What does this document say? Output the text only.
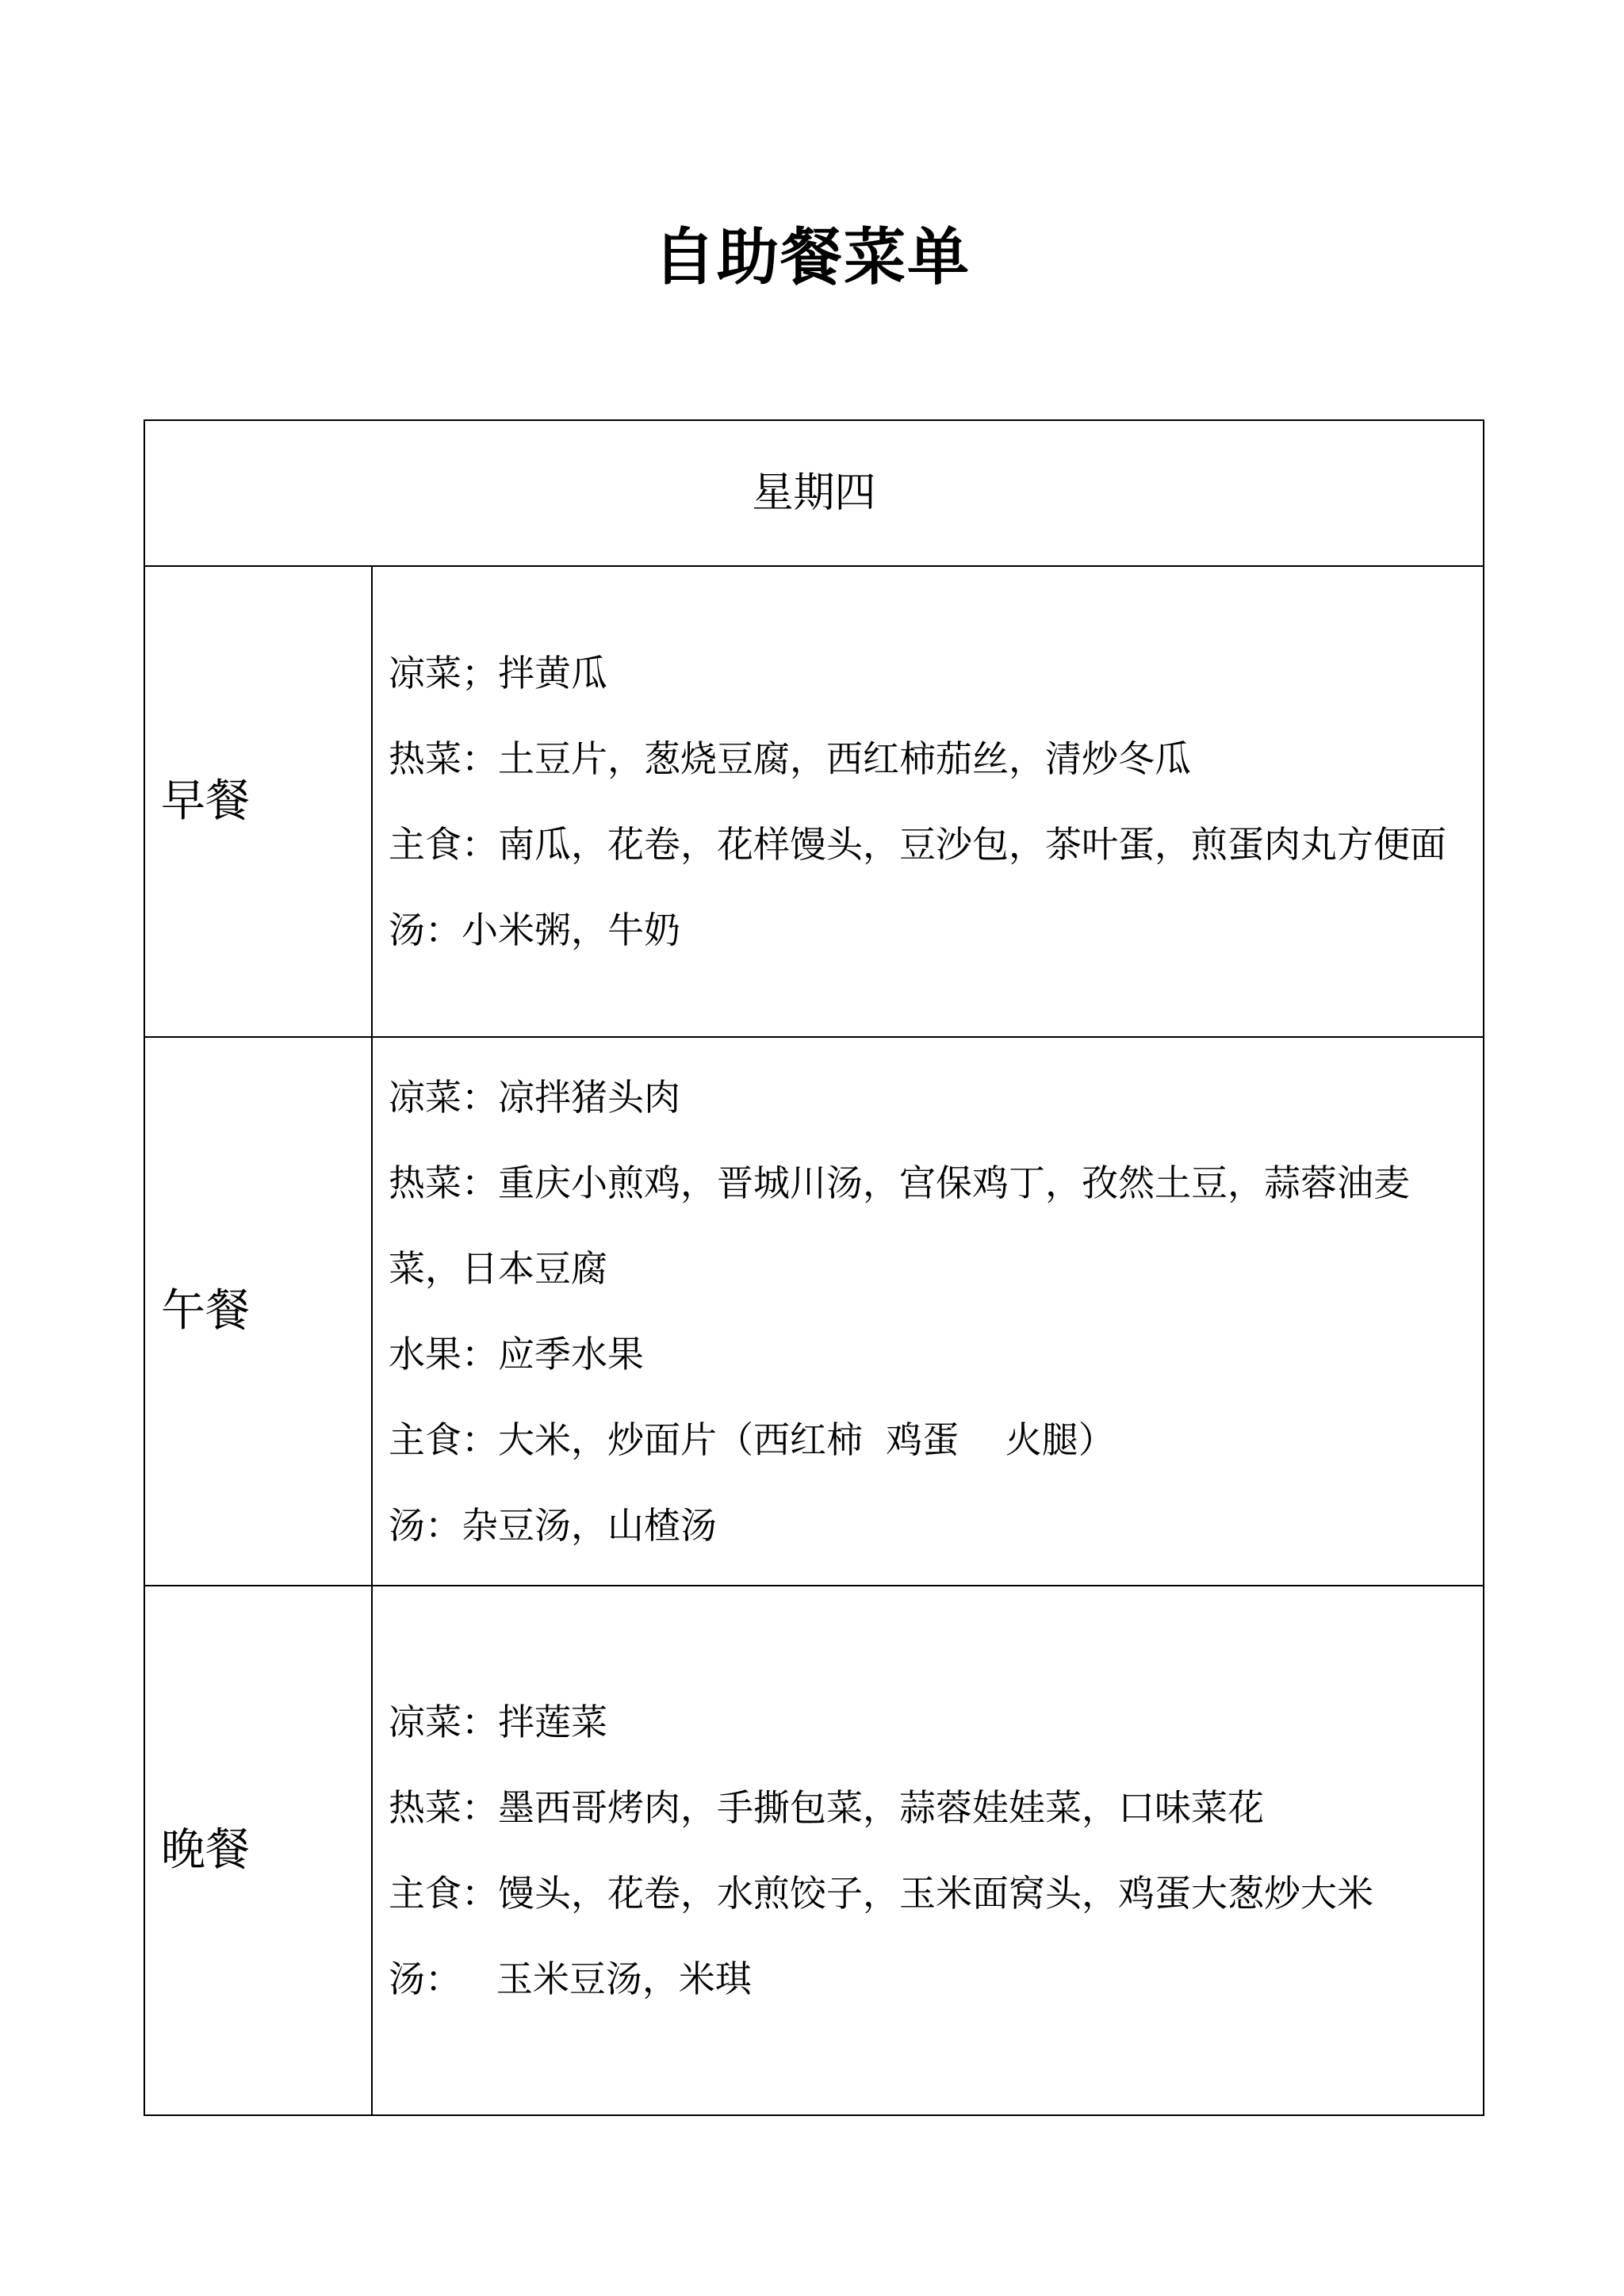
自助餐菜单
星期四	
早餐	凉菜；拌黄瓜
热菜：土豆片，葱烧豆腐，西红柿茄丝，清炒冬瓜
主食：南瓜，花卷，花样馒头，豆沙包，茶叶蛋，煎蛋肉丸方便面
汤：小米粥，牛奶

午餐	凉菜：凉拌猪头肉
热菜：重庆小煎鸡，晋城川汤，宫保鸡丁，孜然土豆，蒜蓉油麦菜，日本豆腐
水果：应季水果
主食：大米，炒面片（西红柿  鸡蛋    火腿）
汤：杂豆汤，山楂汤

晚餐	凉菜：拌莲菜
热菜：墨西哥烤肉，手撕包菜，蒜蓉娃娃菜，口味菜花
主食：馒头，花卷，水煎饺子，玉米面窝头，鸡蛋大葱炒大米
汤：   玉米豆汤，米琪
